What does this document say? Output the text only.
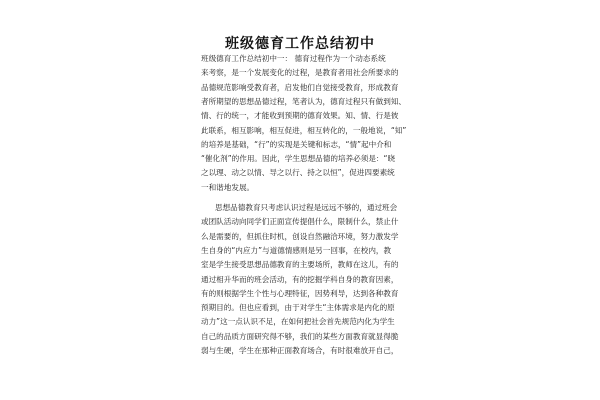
班级德育工作总结初中
班级德育工作总结初中一： 德育过程作为一个动态系统
来考察，是一个发展变化的过程，是教育者用社会所要求的
品德规范影响受教育者，启发他们自觉接受教育，形成教育
者所期望的思想品德过程，笔者认为，德育过程只有做到知、
情、行的统一，才能收到预期的德育效果。知、情、行是彼
此联系，相互影响，相互促进，相互转化的，一般地说，“知”
的培养是基础，“行”的实现是关键和标志，“情”起中介和
“催化剂”的作用。因此，学生思想品德的培养必须是：“晓
之以理、动之以情、导之以行、持之以恒”，促进四要素统
一和谐地发展。
思想品德教育只考虑认识过程是远远不够的，通过班会
或团队活动向同学们正面宣传提倡什么，限制什么，禁止什
么是需要的，但抓住时机，创设自然融洽环境，努力激发学
生自身的“内应力”与道德情感则是另一回事，在校内，教
室是学生接受思想品德教育的主要场所，教师在这儿，有的
通过相升华而的班会活动，有的挖掘学科自身的教育因素，
有的则根据学生个性与心理特征，因势利导，达到各种教育
预期目的。但也应看到，由于对学生“主体需求是内化的原
动力”这一点认识不足，在如何把社会首先规范内化为学生
自己的品质方面研究得不够，我们的某些方面教育就显得脆
弱与生硬，学生在那种正面教育场合，有时很难放开自己，
